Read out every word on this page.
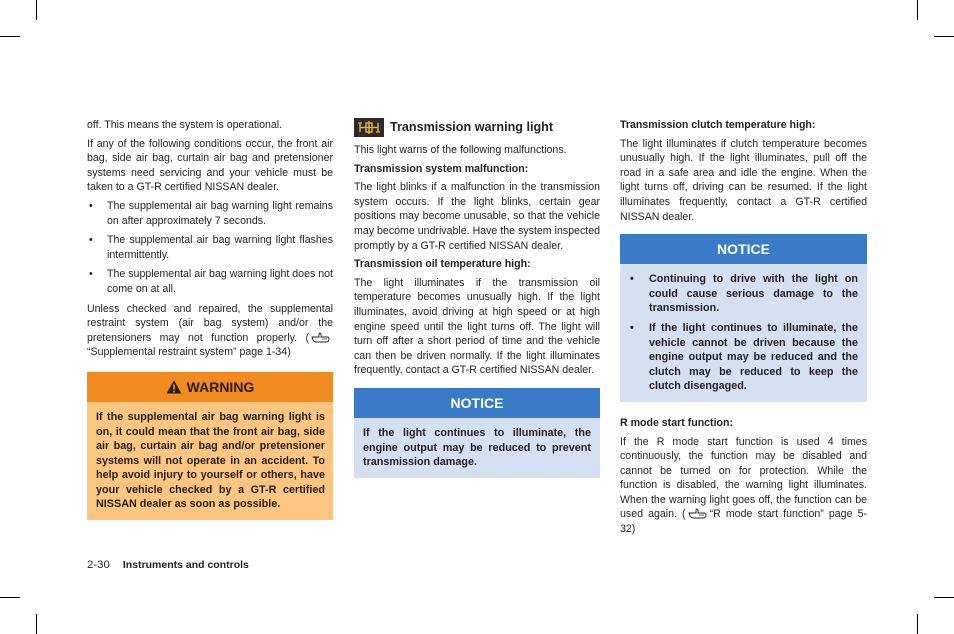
off. This means the system is operational.

If any of the following conditions occur, the front air bag, side air bag, curtain air bag and pretensioner systems need servicing and your vehicle must be taken to a GT-R certified NISSAN dealer.

• The supplemental air bag warning light remains on after approximately 7 seconds.
• The supplemental air bag warning light flashes intermittently.
• The supplemental air bag warning light does not come on at all.

Unless checked and repaired, the supplemental restraint system (air bag system) and/or the pretensioners may not function properly. (“Supplemental restraint system” page 1-34)

WARNING
If the supplemental air bag warning light is on, it could mean that the front air bag, side air bag, curtain air bag and/or pretensioner systems will not operate in an accident. To help avoid injury to yourself or others, have your vehicle checked by a GT-R certified NISSAN dealer as soon as possible.
Transmission warning light

This light warns of the following malfunctions.

Transmission system malfunction:

The light blinks if a malfunction in the transmission system occurs. If the light blinks, certain gear positions may become unusable, so that the vehicle may become undrivable. Have the system inspected promptly by a GT-R certified NISSAN dealer.

Transmission oil temperature high:

The light illuminates if the transmission oil temperature becomes unusually high. If the light illuminates, avoid driving at high speed or at high engine speed until the light turns off. The light will turn off after a short period of time and the vehicle can then be driven normally. If the light illuminates frequently, contact a GT-R certified NISSAN dealer.

NOTICE

If the light continues to illuminate, the engine output may be reduced to prevent transmission damage.

Transmission clutch temperature high:

The light illuminates if clutch temperature becomes unusually high. If the light illuminates, pull off the road in a safe area and idle the engine. When the light turns off, driving can be resumed. If the light illuminates frequently, contact a GT-R certified NISSAN dealer.

NOTICE
• Continuing to drive with the light on could cause serious damage to the transmission.
• If the light continues to illuminate, the vehicle cannot be driven because the engine output may be reduced and the clutch may be reduced to keep the clutch disengaged.
R mode start function:

If the R mode start function is used 4 times continuously, the function may be disabled and cannot be turned on for protection. While the function is disabled, the warning light illuminates. When the warning light goes off, the function can be used again. ( “R mode start function” page 5-32)

2-30 Instruments and controls
